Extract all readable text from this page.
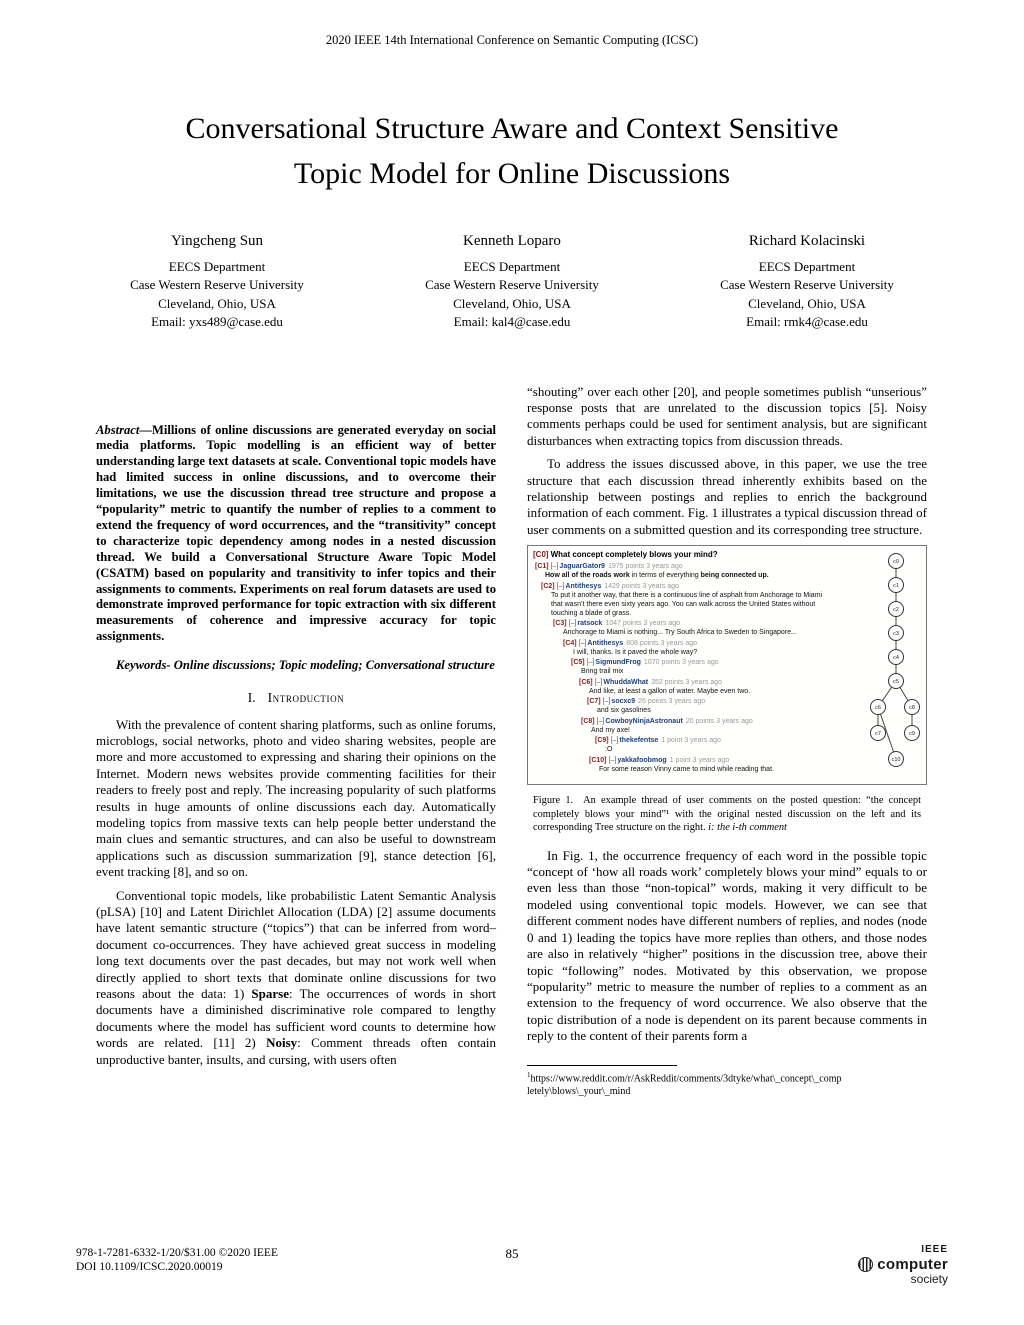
2020 IEEE 14th International Conference on Semantic Computing (ICSC)
Conversational Structure Aware and Context Sensitive Topic Model for Online Discussions
Yingcheng Sun
EECS Department
Case Western Reserve University
Cleveland, Ohio, USA
Email: yxs489@case.edu
Kenneth Loparo
EECS Department
Case Western Reserve University
Cleveland, Ohio, USA
Email: kal4@case.edu
Richard Kolacinski
EECS Department
Case Western Reserve University
Cleveland, Ohio, USA
Email: rmk4@case.edu

Abstract—Millions of online discussions are generated everyday on social media platforms. Topic modelling is an efficient way of better understanding large text datasets at scale. Conventional topic models have had limited success in online discussions, and to overcome their limitations, we use the discussion thread tree structure and propose a “popularity” metric to quantify the number of replies to a comment to extend the frequency of word occurrences, and the “transitivity” concept to characterize topic dependency among nodes in a nested discussion thread. We build a Conversational Structure Aware Topic Model (CSATM) based on popularity and transitivity to infer topics and their assignments to comments. Experiments on real forum datasets are used to demonstrate improved performance for topic extraction with six different measurements of coherence and impressive accuracy for topic assignments.

Keywords- Online discussions; Topic modeling; Conversational structure

I. Introduction

With the prevalence of content sharing platforms, such as online forums, microblogs, social networks, photo and video sharing websites, people are more and more accustomed to expressing and sharing their opinions on the Internet. Modern news websites provide commenting facilities for their readers to freely post and reply. The increasing popularity of such platforms results in huge amounts of online discussions each day. Automatically modeling topics from massive texts can help people better understand the main clues and semantic structures, and can also be useful to downstream applications such as discussion summarization [9], stance detection [6], event tracking [8], and so on.

Conventional topic models, like probabilistic Latent Semantic Analysis (pLSA) [10] and Latent Dirichlet Allocation (LDA) [2] assume documents have latent semantic structure (“topics”) that can be inferred from word–document co-occurrences. They have achieved great success in modeling long text documents over the past decades, but may not work well when directly applied to short texts that dominate online discussions for two reasons about the data: 1) Sparse: The occurrences of words in short documents have a diminished discriminative role compared to lengthy documents where the model has sufficient word counts to determine how words are related. [11] 2) Noisy: Comment threads often contain unproductive banter, insults, and cursing, with users often

“shouting” over each other [20], and people sometimes publish “unserious” response posts that are unrelated to the discussion topics [5]. Noisy comments perhaps could be used for sentiment analysis, but are significant disturbances when extracting topics from discussion threads.

To address the issues discussed above, in this paper, we use the tree structure that each discussion thread inherently exhibits based on the relationship between postings and replies to enrich the background information of each comment. Fig. 1 illustrates a typical discussion thread of user comments on a submitted question and its corresponding tree structure.

[C0] What concept completely blows your mind?
[C1] [–]JaguarGator9 1975 points 3 years ago
How all of the roads work in terms of everything being connected up.
[C2] [–]Antithesys 1429 points 3 years ago
To put it another way, that there is a continuous line of asphalt from Anchorage to Miami that wasn’t there even sixty years ago. You can walk across the United States without touching a blade of grass.
[C3] [–]ratsock 1047 points 3 years ago
Anchorage to Miami is nothing... Try South Africa to Sweden to Singapore...
[C4] [–]Antithesys 808 points 3 years ago
I will, thanks. Is it paved the whole way?
[C5] [–]SigmundFrog 1070 points 3 years ago
Bring trail mix
[C6] [–]WhuddaWhat 352 points 3 years ago
And like, at least a gallon of water. Maybe even two.
[C7] [–]socxc9 26 points 3 years ago
and six gasolines
[C8] [–]CowboyNinjaAstronaut 20 points 3 years ago
And my axe!
[C9] [–]thekefentse 1 point 3 years ago
:O
[C10] [–]yakkafoobmog 1 point 3 years ago
For some reason Vinny came to mind while reading that.
c0
c1
c2
c3
c4
c5
c6
c7
c8
c9
c10
Figure 1. An example thread of user comments on the posted question: “the concept completely blows your mind”¹ with the original nested discussion on the left and its corresponding Tree structure on the right. i: the i-th comment

In Fig. 1, the occurrence frequency of each word in the possible topic “concept of ‘how all roads work’ completely blows your mind” equals to or even less than those “non-topical” words, making it very difficult to be modeled using conventional topic models. However, we can see that different comment nodes have different numbers of replies, and nodes (node 0 and 1) leading the topics have more replies than others, and those nodes are also in relatively “higher” positions in the discussion tree, above their topic “following” nodes. Motivated by this observation, we propose “popularity” metric to measure the number of replies to a comment as an extension to the frequency of word occurrence. We also observe that the topic distribution of a node is dependent on its parent because comments in reply to the content of their parents form a

$^1$https://www.reddit.com/r/AskReddit/comments/3dtyke/what\_concept\_comp letely\blows\_your\_mind
978-1-7281-6332-1/20/$31.00 ©2020 IEEE
DOI 10.1109/ICSC.2020.00019
85	IEEE
computer
society
